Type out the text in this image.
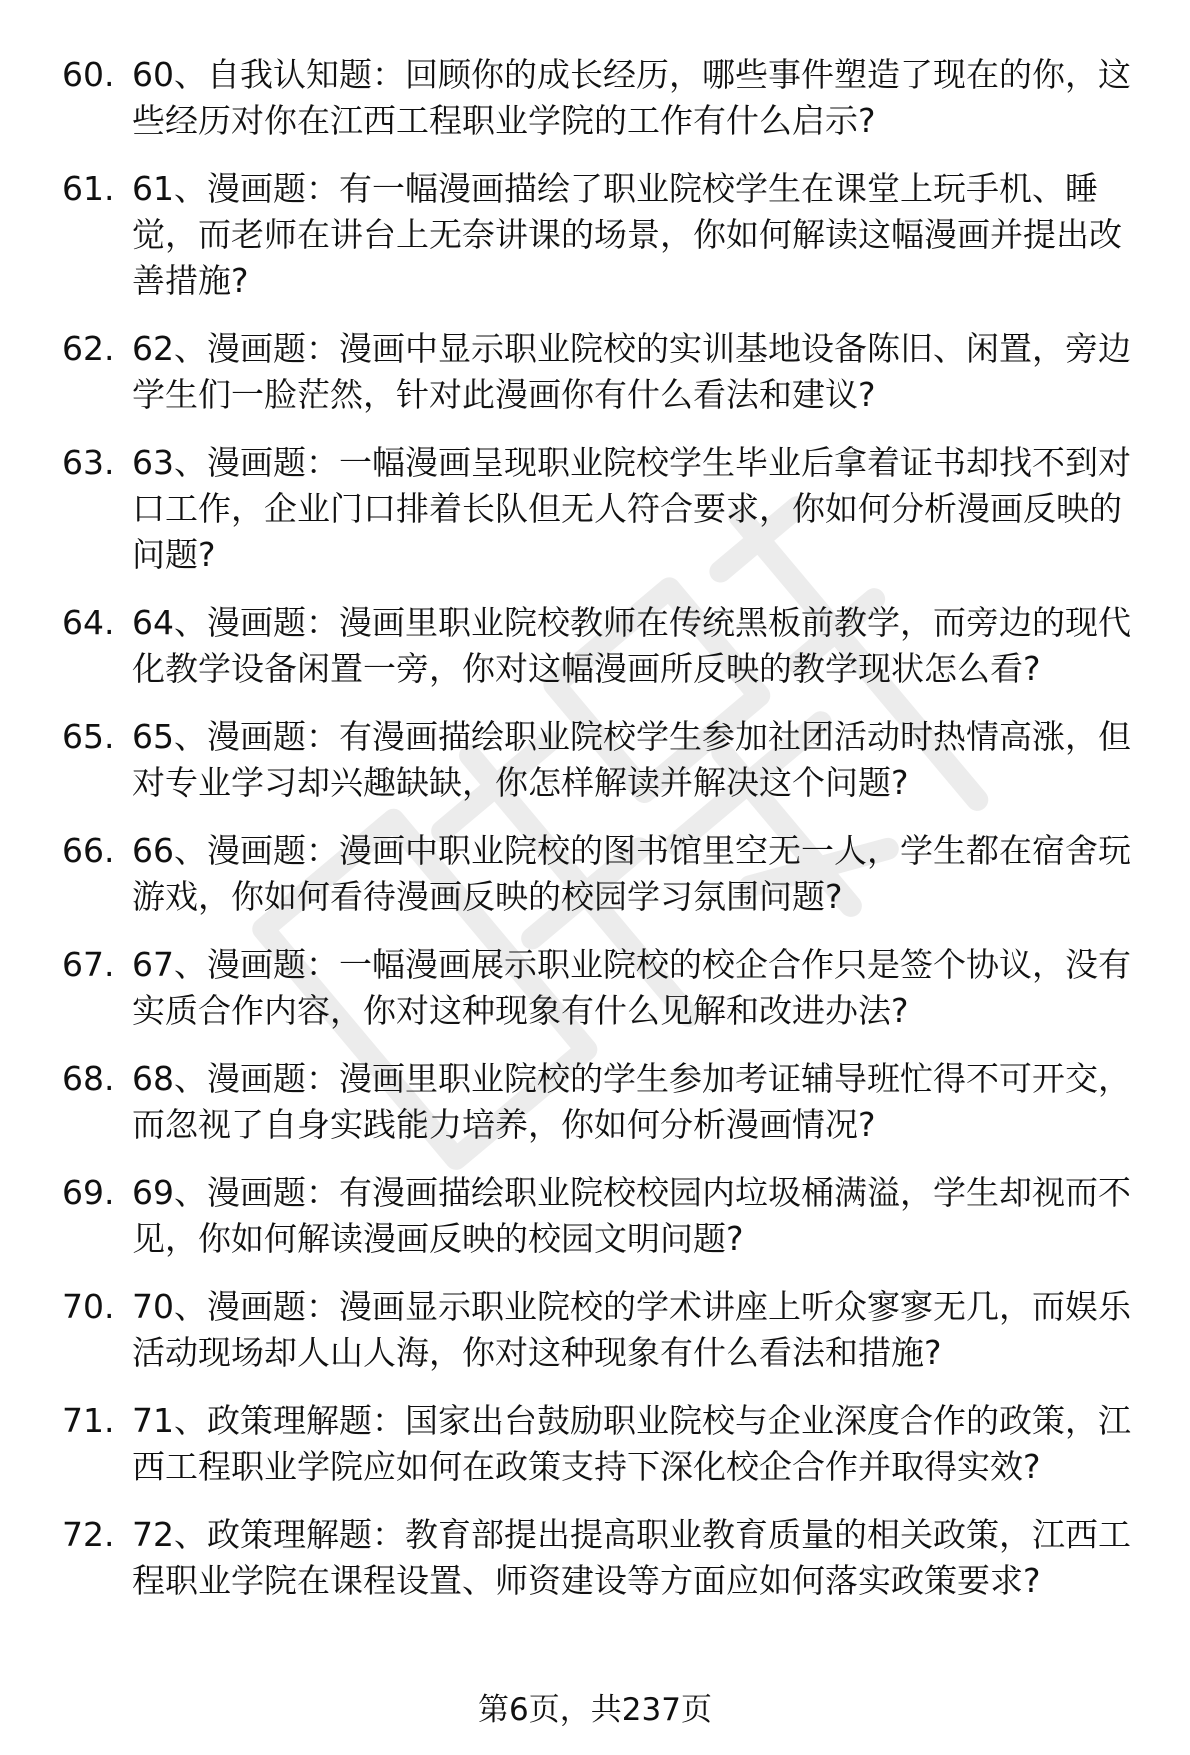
60. 60、自我认知题：回顾你的成长经历，哪些事件塑造了现在的你，这些经历对你在江西工程职业学院的工作有什么启示?
61. 61、漫画题：有一幅漫画描绘了职业院校学生在课堂上玩手机、睡觉，而老师在讲台上无奈讲课的场景，你如何解读这幅漫画并提出改善措施?
62. 62、漫画题：漫画中显示职业院校的实训基地设备陈旧、闲置，旁边学生们一脸茫然，针对此漫画你有什么看法和建议?
63. 63、漫画题：一幅漫画呈现职业院校学生毕业后拿着证书却找不到对口工作，企业门口排着长队但无人符合要求，你如何分析漫画反映的问题?
64. 64、漫画题：漫画里职业院校教师在传统黑板前教学，而旁边的现代化教学设备闲置一旁，你对这幅漫画所反映的教学现状怎么看?
65. 65、漫画题：有漫画描绘职业院校学生参加社团活动时热情高涨，但对专业学习却兴趣缺缺，你怎样解读并解决这个问题?
66. 66、漫画题：漫画中职业院校的图书馆里空无一人，学生都在宿舍玩游戏，你如何看待漫画反映的校园学习氛围问题?
67. 67、漫画题：一幅漫画展示职业院校的校企合作只是签个协议，没有实质合作内容，你对这种现象有什么见解和改进办法?
68. 68、漫画题：漫画里职业院校的学生参加考证辅导班忙得不可开交，而忽视了自身实践能力培养，你如何分析漫画情况?
69. 69、漫画题：有漫画描绘职业院校校园内垃圾桶满溢，学生却视而不见，你如何解读漫画反映的校园文明问题?
70. 70、漫画题：漫画显示职业院校的学术讲座上听众寥寥无几，而娱乐活动现场却人山人海，你对这种现象有什么看法和措施?
71. 71、政策理解题：国家出台鼓励职业院校与企业深度合作的政策，江西工程职业学院应如何在政策支持下深化校企合作并取得实效?
72. 72、政策理解题：教育部提出提高职业教育质量的相关政策，江西工程职业学院在课程设置、师资建设等方面应如何落实政策要求?
第6页，共237页
